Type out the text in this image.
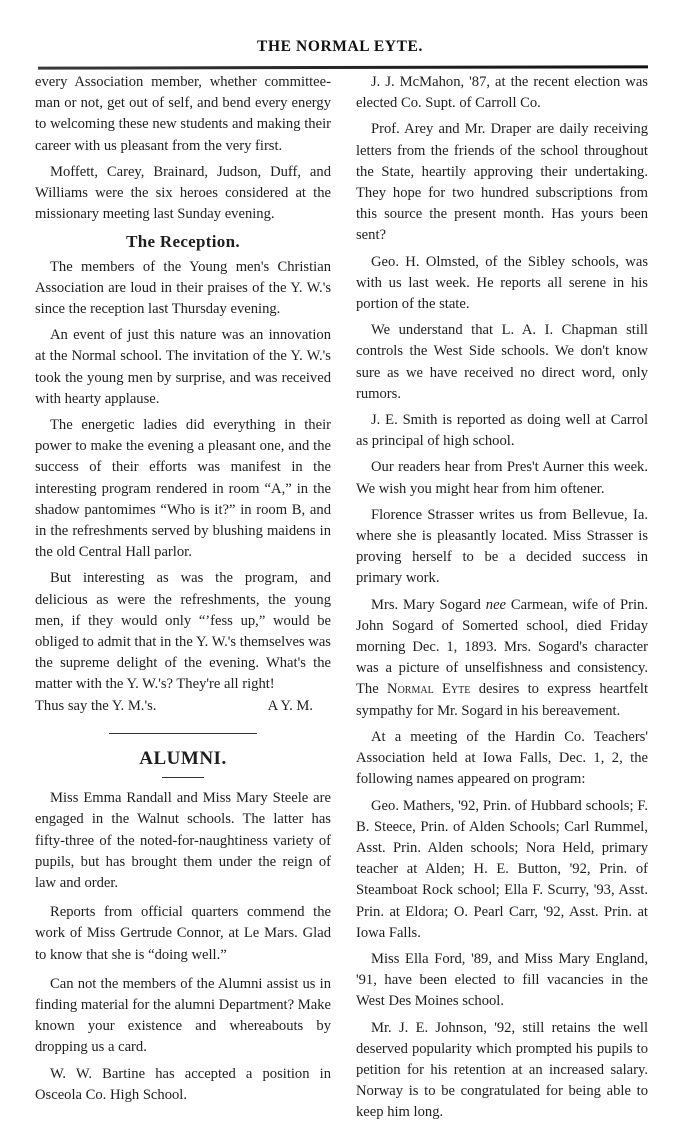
THE NORMAL EYTE.

every Association member, whether committee-man or not, get out of self, and bend every energy to welcoming these new students and making their career with us pleasant from the very first.

Moffett, Carey, Brainard, Judson, Duff, and Williams were the six heroes considered at the missionary meeting last Sunday evening.

The Reception.

The members of the Young men's Christian Association are loud in their praises of the Y. W.'s since the reception last Thursday evening.

An event of just this nature was an innovation at the Normal school. The invitation of the Y. W.'s took the young men by surprise, and was received with hearty applause.

The energetic ladies did everything in their power to make the evening a pleasant one, and the success of their efforts was manifest in the interesting program rendered in room “A,” in the shadow pantomimes “Who is it?” in room B, and in the refreshments served by blushing maidens in the old Central Hall parlor.

But interesting as was the program, and delicious as were the refreshments, the young men, if they would only “’fess up,” would be obliged to admit that in the Y. W.'s themselves was the supreme delight of the evening. What's the matter with the Y. W.'s? They're all right!

Thus say the Y. M.'s.	A Y. M.
ALUMNI.

Miss Emma Randall and Miss Mary Steele are engaged in the Walnut schools. The latter has fifty-three of the noted-for-naughtiness variety of pupils, but has brought them under the reign of law and order.

Reports from official quarters commend the work of Miss Gertrude Connor, at Le Mars. Glad to know that she is “doing well.”

Can not the members of the Alumni assist us in finding material for the alumni Department? Make known your existence and whereabouts by dropping us a card.

W. W. Bartine has accepted a position in Osceola Co. High School.

J. J. McMahon, '87, at the recent election was elected Co. Supt. of Carroll Co.

Prof. Arey and Mr. Draper are daily receiving letters from the friends of the school throughout the State, heartily approving their undertaking. They hope for two hundred subscriptions from this source the present month. Has yours been sent?

Geo. H. Olmsted, of the Sibley schools, was with us last week. He reports all serene in his portion of the state.

We understand that L. A. I. Chapman still controls the West Side schools. We don't know sure as we have received no direct word, only rumors.

J. E. Smith is reported as doing well at Carrol as principal of high school.

Our readers hear from Pres't Aurner this week. We wish you might hear from him oftener.

Florence Strasser writes us from Bellevue, Ia. where she is pleasantly located. Miss Strasser is proving herself to be a decided success in primary work.

Mrs. Mary Sogard nee Carmean, wife of Prin. John Sogard of Somerted school, died Friday morning Dec. 1, 1893. Mrs. Sogard's character was a picture of unselfishness and consistency. The Normal Eyte desires to express heartfelt sympathy for Mr. Sogard in his bereavement.

At a meeting of the Hardin Co. Teachers' Association held at Iowa Falls, Dec. 1, 2, the following names appeared on program:

Geo. Mathers, '92, Prin. of Hubbard schools; F. B. Steece, Prin. of Alden Schools; Carl Rummel, Asst. Prin. Alden schools; Nora Held, primary teacher at Alden; H. E. Button, '92, Prin. of Steamboat Rock school; Ella F. Scurry, '93, Asst. Prin. at Eldora; O. Pearl Carr, '92, Asst. Prin. at Iowa Falls.

Miss Ella Ford, '89, and Miss Mary England, '91, have been elected to fill vacancies in the West Des Moines school.

Mr. J. E. Johnson, '92, still retains the well deserved popularity which prompted his pupils to petition for his retention at an increased salary. Norway is to be congratulated for being able to keep him long.
